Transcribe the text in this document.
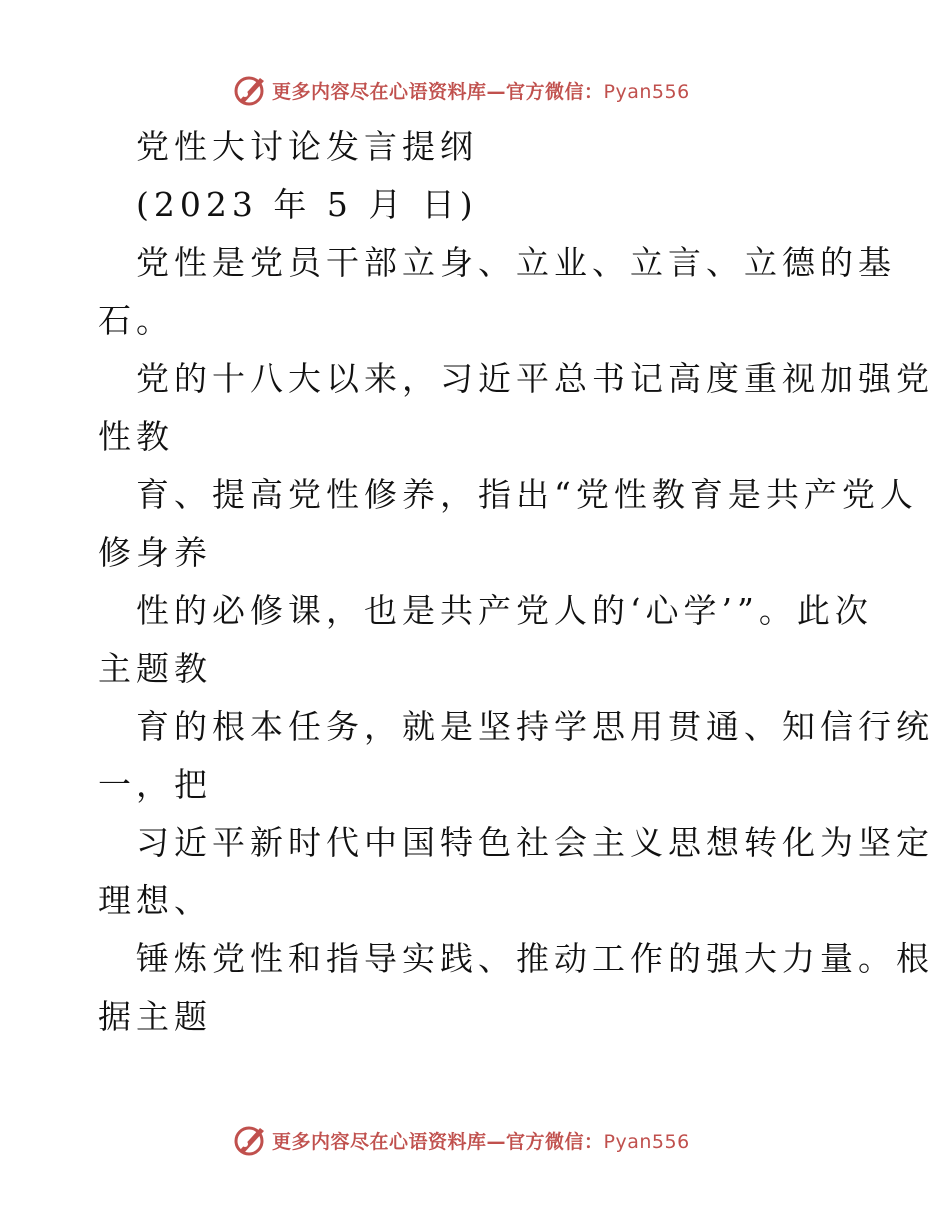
更多内容尽在心语资料库—官方微信：Pyan556
党性大讨论发言提纲
(2023 年 5 月 日)
党性是党员干部立身、立业、立言、立德的基
石。
党的十八大以来，习近平总书记高度重视加强党
性教
育、提高党性修养，指出“党性教育是共产党人
修身养
性的必修课，也是共产党人的‘心学’”。此次
主题教
育的根本任务，就是坚持学思用贯通、知信行统
一，把
习近平新时代中国特色社会主义思想转化为坚定
理想、
锤炼党性和指导实践、推动工作的强大力量。根
据主题
更多内容尽在心语资料库—官方微信：Pyan556
